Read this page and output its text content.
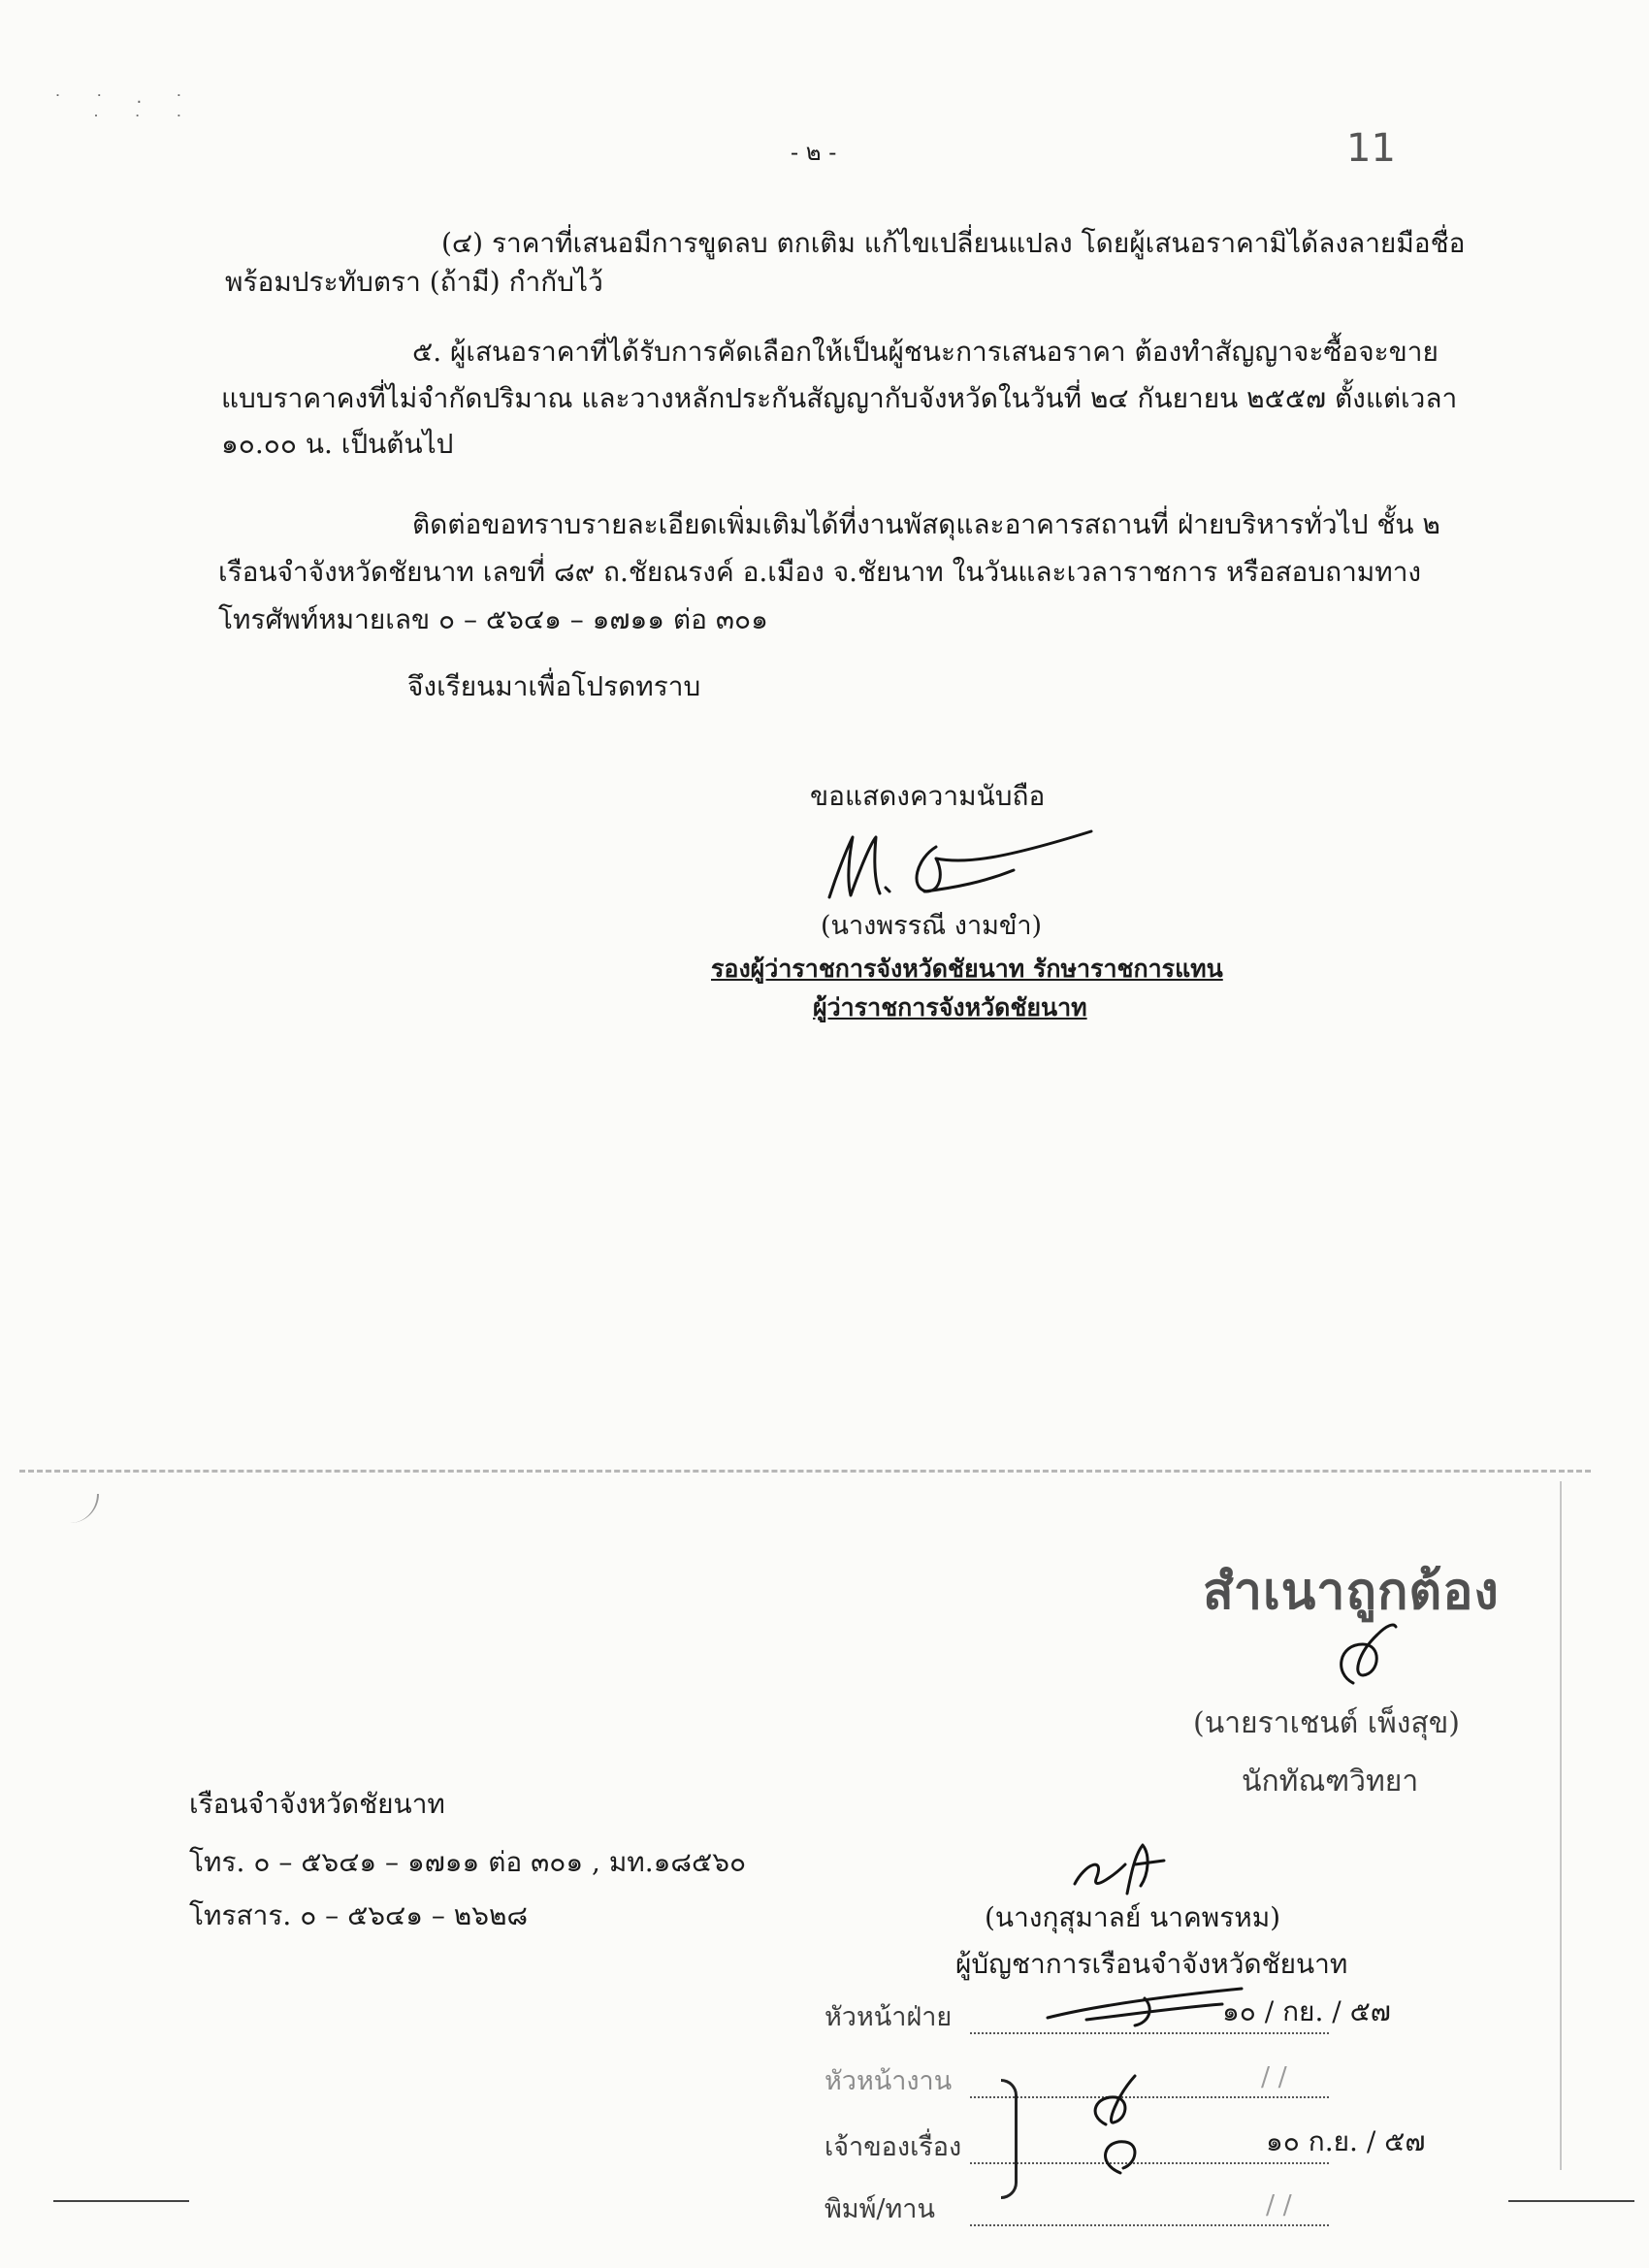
˙ ˙ · ˙
˙ ˙ ˙
- ๒ -	11
(๔) ราคาที่เสนอมีการขูดลบ ตกเติม แก้ไขเปลี่ยนแปลง โดยผู้เสนอราคามิได้ลงลายมือชื่อ
พร้อมประทับตรา (ถ้ามี) กำกับไว้
๕. ผู้เสนอราคาที่ได้รับการคัดเลือกให้เป็นผู้ชนะการเสนอราคา ต้องทำสัญญาจะซื้อจะขาย
แบบราคาคงที่ไม่จำกัดปริมาณ และวางหลักประกันสัญญากับจังหวัดในวันที่ ๒๔ กันยายน ๒๕๕๗ ตั้งแต่เวลา
๑๐.๐๐ น. เป็นต้นไป
ติดต่อขอทราบรายละเอียดเพิ่มเติมได้ที่งานพัสดุและอาคารสถานที่ ฝ่ายบริหารทั่วไป ชั้น ๒
เรือนจำจังหวัดชัยนาท เลขที่ ๘๙ ถ.ชัยณรงค์ อ.เมือง จ.ชัยนาท ในวันและเวลาราชการ หรือสอบถามทาง
โทรศัพท์หมายเลข ๐ – ๕๖๔๑ – ๑๗๑๑ ต่อ ๓๐๑
จึงเรียนมาเพื่อโปรดทราบ
ขอแสดงความนับถือ
(นางพรรณี งามขำ)
รองผู้ว่าราชการจังหวัดชัยนาท รักษาราชการแทน
ผู้ว่าราชการจังหวัดชัยนาท
สำเนาถูกต้อง
(นายราเชนต์ เพ็งสุข)
นักทัณฑวิทยา
เรือนจำจังหวัดชัยนาท
โทร. ๐ – ๕๖๔๑ – ๑๗๑๑ ต่อ ๓๐๑ , มท.๑๘๕๖๐
โทรสาร. ๐ – ๕๖๔๑ – ๒๖๒๘	(นางกุสุมาลย์ นาคพรหม)
ผู้บัญชาการเรือนจำจังหวัดชัยนาท
หัวหน้าฝ่าย	๑๐ / กย. / ๕๗
หัวหน้างาน	/ /
เจ้าของเรื่อง	๑๐ ก.ย. / ๕๗
พิมพ์/ทาน	/ /
